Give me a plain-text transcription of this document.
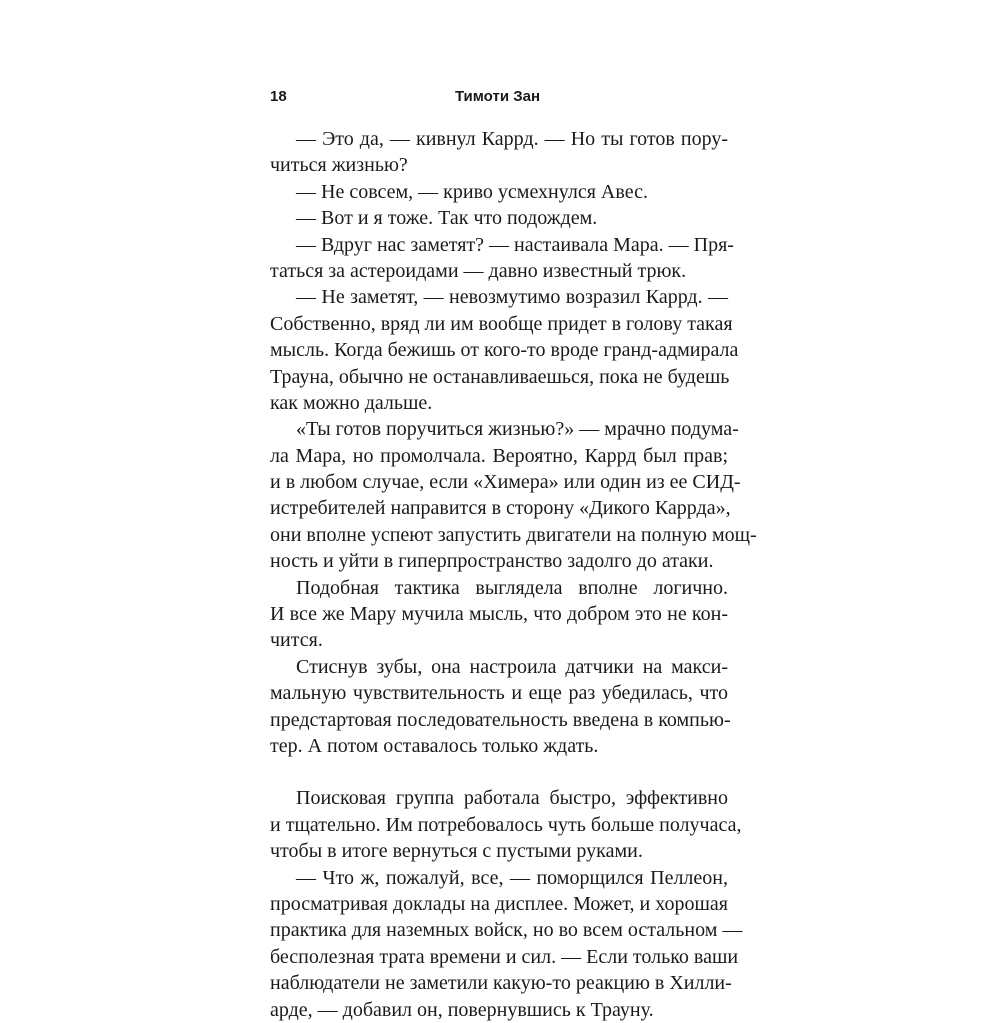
18	Тимоти Зан
— Это да, — кивнул Каррд. — Но ты готов пору-
читься жизнью?
— Не совсем, — криво усмехнулся Авес.
— Вот и я тоже. Так что подождем.
— Вдруг нас заметят? — настаивала Мара. — Пря-
таться за астероидами — давно известный трюк.
— Не заметят, — невозмутимо возразил Каррд. —
Собственно, вряд ли им вообще придет в голову такая
мысль. Когда бежишь от кого-то вроде гранд-адмирала
Трауна, обычно не останавливаешься, пока не будешь
как можно дальше.
«Ты готов поручиться жизнью?» — мрачно подума-
ла Мара, но промолчала. Вероятно, Каррд был прав;
и в любом случае, если «Химера» или один из ее СИД-
истребителей направится в сторону «Дикого Каррда»,
они вполне успеют запустить двигатели на полную мощ-
ность и уйти в гиперпространство задолго до атаки.
Подобная тактика выглядела вполне логично.
И все же Мару мучила мысль, что добром это не кон-
чится.
Стиснув зубы, она настроила датчики на макси-
мальную чувствительность и еще раз убедилась, что
предстартовая последовательность введена в компью-
тер. А потом оставалось только ждать.
Поисковая группа работала быстро, эффективно
и тщательно. Им потребовалось чуть больше получаса,
чтобы в итоге вернуться с пустыми руками.
— Что ж, пожалуй, все, — поморщился Пеллеон,
просматривая доклады на дисплее. Может, и хорошая
практика для наземных войск, но во всем остальном —
бесполезная трата времени и сил. — Если только ваши
наблюдатели не заметили какую-то реакцию в Хилли-
арде, — добавил он, повернувшись к Трауну.
